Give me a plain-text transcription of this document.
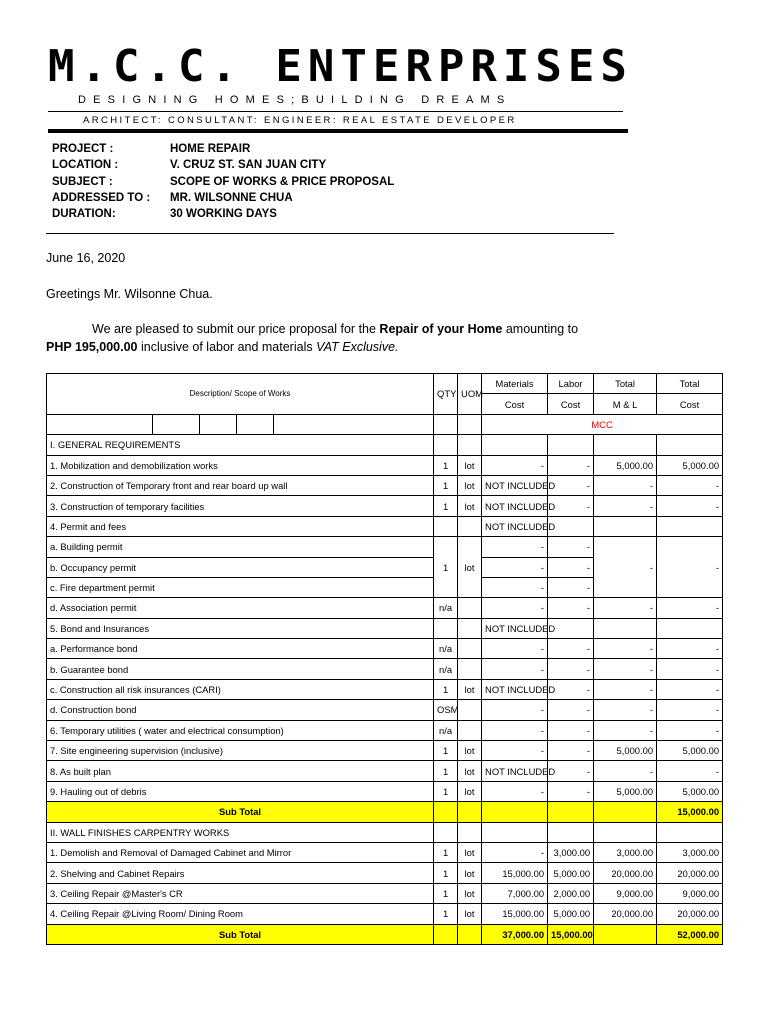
M.C.C. ENTERPRISES
DESIGNING HOMES;BUILDING DREAMS
ARCHITECT: CONSULTANT: ENGINEER: REAL ESTATE DEVELOPER
PROJECT :	HOME REPAIR
LOCATION :	V. CRUZ ST. SAN JUAN CITY
SUBJECT :	SCOPE OF WORKS & PRICE PROPOSAL
ADDRESSED TO :	MR. WILSONNE CHUA
DURATION:	30 WORKING DAYS
June 16, 2020
Greetings Mr. Wilsonne Chua.
We are pleased to submit our price proposal for the Repair of your Home amounting to
PHP 195,000.00 inclusive of labor and materials VAT Exclusive.
Description/ Scope of Works					QTY	UOM	Materials	Labor	Total	Total
							Cost	Cost	M & L	Cost
							MCC			
I. GENERAL REQUIREMENTS										
1. Mobilization and demobilization works					1	lot	-	-	5,000.00	5,000.00
2. Construction of Temporary front and rear board up wall					1	lot	NOT INCLUDED	-	-	-
3. Construction of temporary facilities					1	lot	NOT INCLUDED	-	-	-
4. Permit and fees							NOT INCLUDED			
a. Building permit					1	lot	-	-	-	-
b. Occupancy permit							-	-		
c. Fire department permit							-	-		
d. Association permit					n/a		-	-	-	-
5. Bond and Insurances							NOT INCLUDED			
a. Performance bond					n/a		-	-	-	-
b. Guarantee bond					n/a		-	-	-	-
c. Construction all risk insurances (CARI)					1	lot	NOT INCLUDED	-	-	-
d. Construction bond					OSM		-	-	-	-
6. Temporary utilities ( water and electrical consumption)					n/a		-	-	-	-
7. Site engineering supervision (inclusive)					1	lot	-	-	5,000.00	5,000.00
8. As built plan					1	lot	NOT INCLUDED	-	-	-
9. Hauling out of debris					1	lot	-	-	5,000.00	5,000.00
Sub Total										15,000.00
II. WALL FINISHES CARPENTRY WORKS										
1. Demolish and Removal of Damaged Cabinet and Mirror					1	lot	-	3,000.00	3,000.00	3,000.00
2. Shelving and Cabinet Repairs					1	lot	15,000.00	5,000.00	20,000.00	20,000.00
3. Ceiling Repair @Master's CR					1	lot	7,000.00	2,000.00	9,000.00	9,000.00
4. Ceiling Repair @Living Room/ Dining Room					1	lot	15,000.00	5,000.00	20,000.00	20,000.00
Sub Total							37,000.00	15,000.00		52,000.00
